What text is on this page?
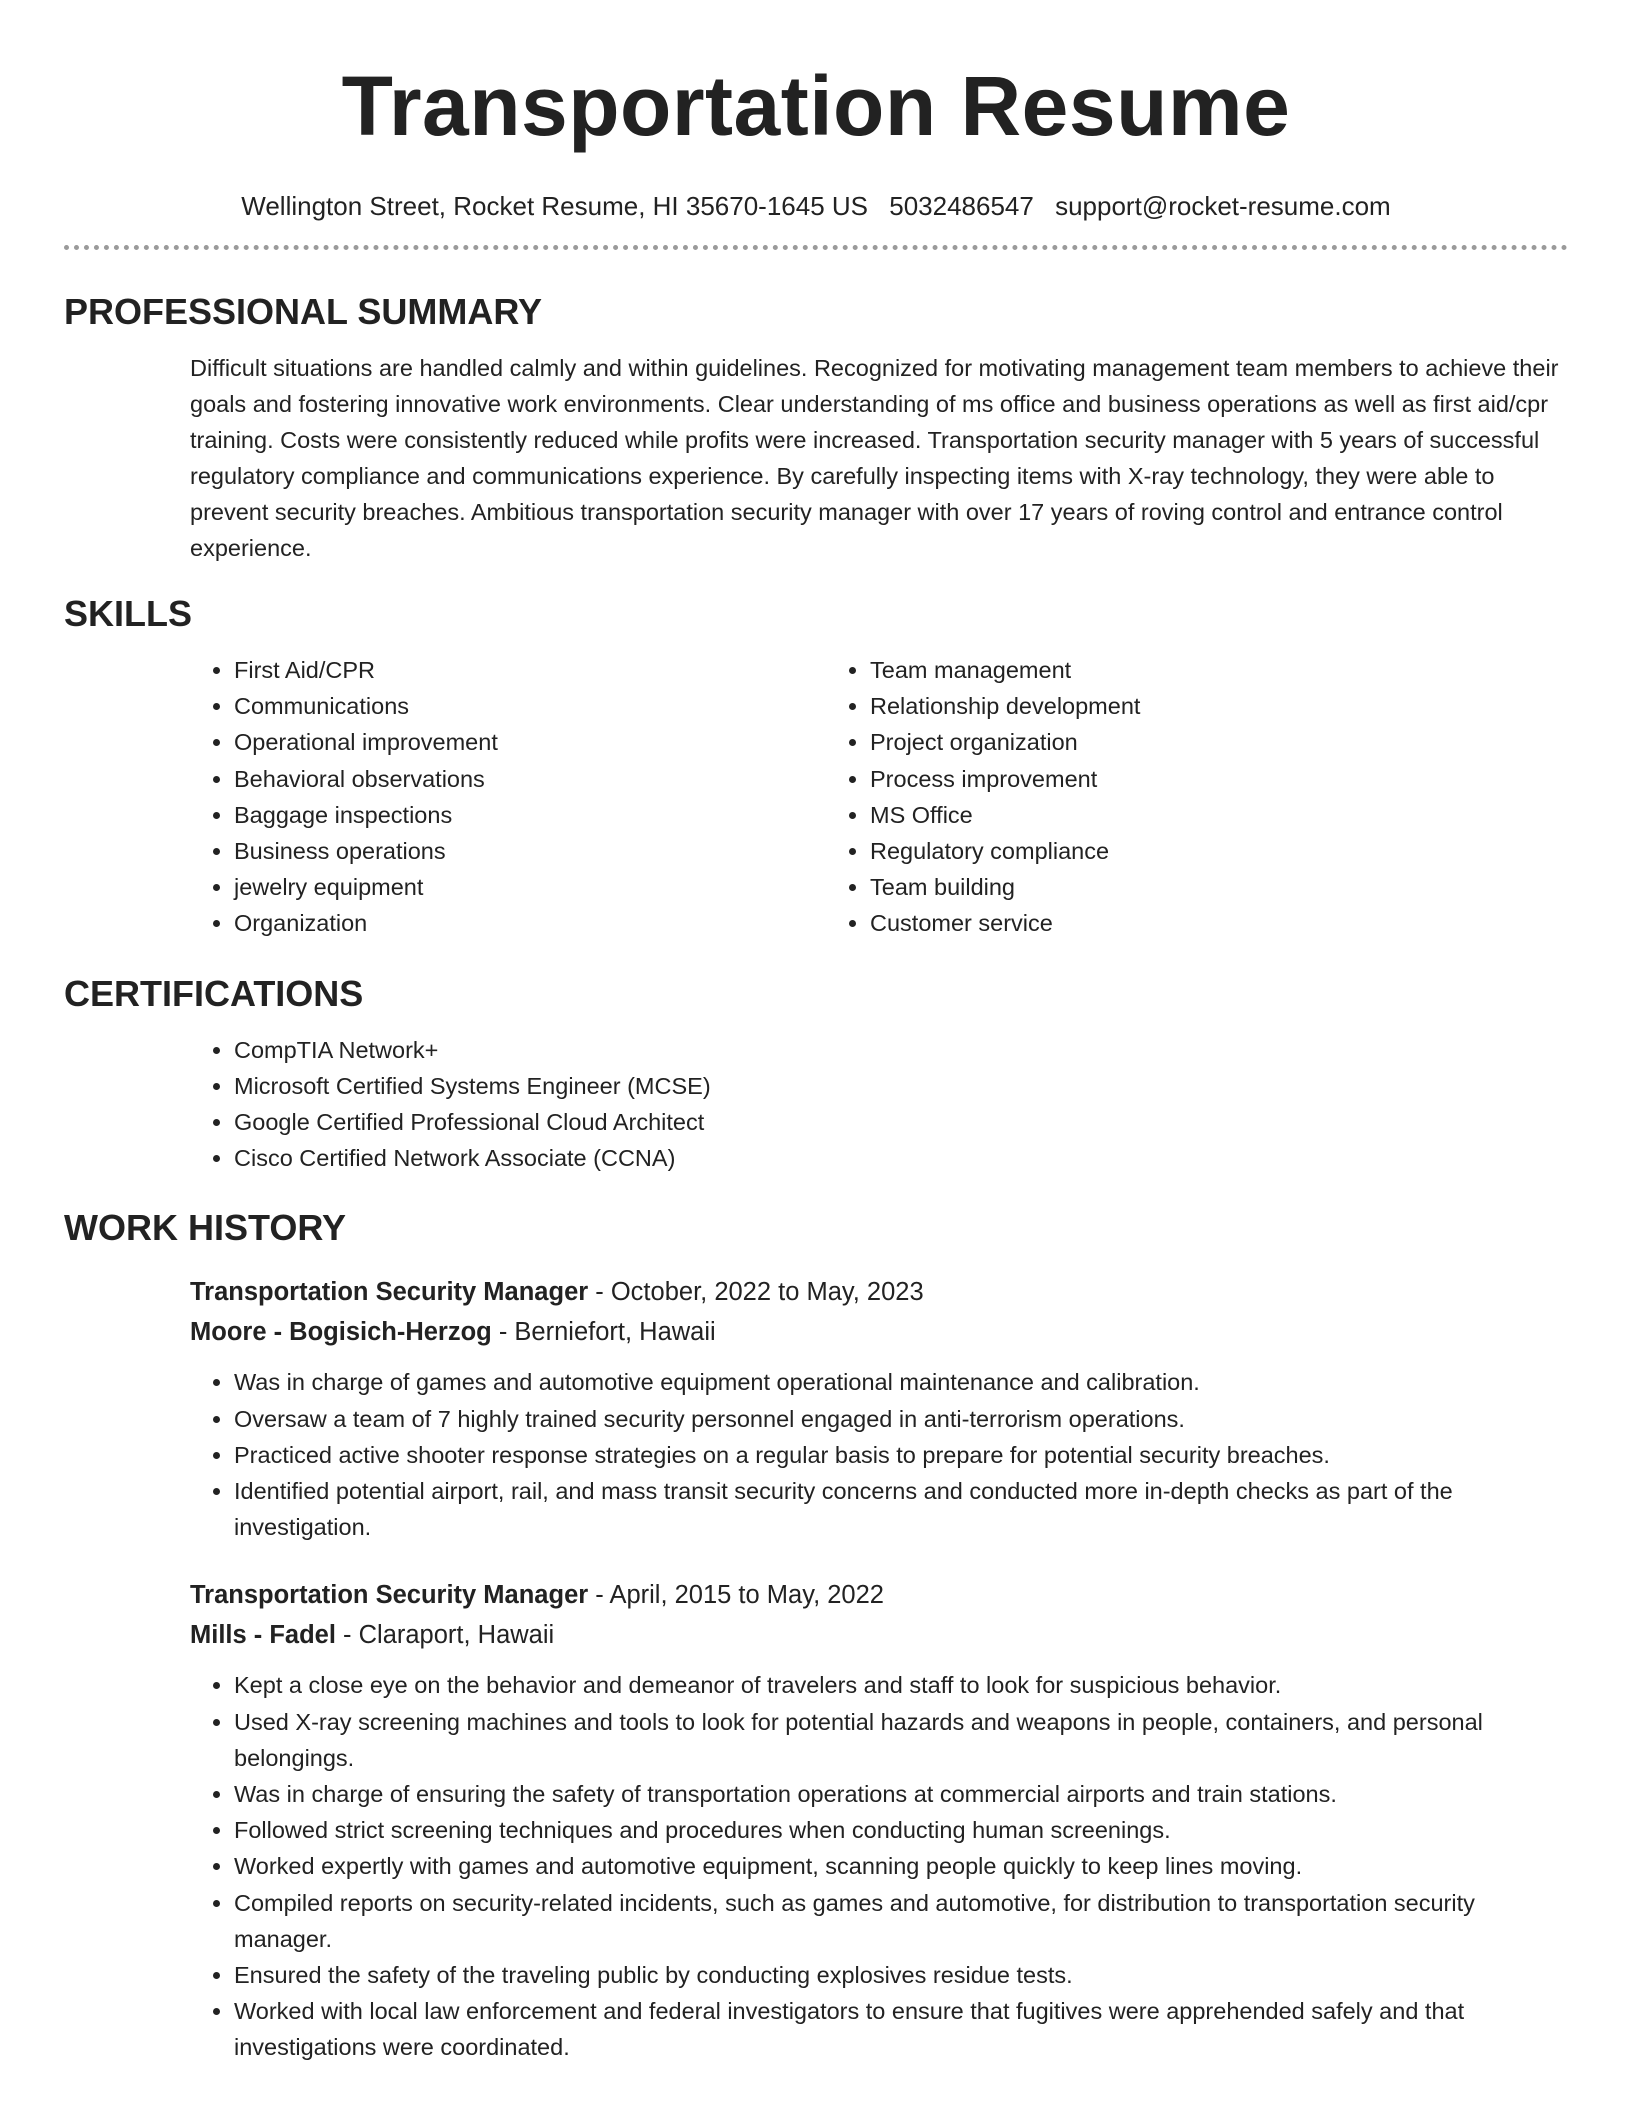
Transportation Resume
Wellington Street, Rocket Resume, HI 35670-1645 US 5032486547 support@rocket-resume.com
PROFESSIONAL SUMMARY

Difficult situations are handled calmly and within guidelines. Recognized for motivating management team members to achieve their goals and fostering innovative work environments. Clear understanding of ms office and business operations as well as first aid/cpr training. Costs were consistently reduced while profits were increased. Transportation security manager with 5 years of successful regulatory compliance and communications experience. By carefully inspecting items with X-ray technology, they were able to prevent security breaches. Ambitious transportation security manager with over 17 years of roving control and entrance control experience.

SKILLS
• First Aid/CPR
• Communications
• Operational improvement
• Behavioral observations
• Baggage inspections
• Business operations
• jewelry equipment
• Organization
• Team management
• Relationship development
• Project organization
• Process improvement
• MS Office
• Regulatory compliance
• Team building
• Customer service
CERTIFICATIONS
• CompTIA Network+
• Microsoft Certified Systems Engineer (MCSE)
• Google Certified Professional Cloud Architect
• Cisco Certified Network Associate (CCNA)
WORK HISTORY
Transportation Security Manager - October, 2022 to May, 2023
Moore - Bogisich-Herzog - Berniefort, Hawaii
• Was in charge of games and automotive equipment operational maintenance and calibration.
• Oversaw a team of 7 highly trained security personnel engaged in anti-terrorism operations.
• Practiced active shooter response strategies on a regular basis to prepare for potential security breaches.
• Identified potential airport, rail, and mass transit security concerns and conducted more in-depth checks as part of the investigation.
Transportation Security Manager - April, 2015 to May, 2022
Mills - Fadel - Claraport, Hawaii
• Kept a close eye on the behavior and demeanor of travelers and staff to look for suspicious behavior.
• Used X-ray screening machines and tools to look for potential hazards and weapons in people, containers, and personal belongings.
• Was in charge of ensuring the safety of transportation operations at commercial airports and train stations.
• Followed strict screening techniques and procedures when conducting human screenings.
• Worked expertly with games and automotive equipment, scanning people quickly to keep lines moving.
• Compiled reports on security-related incidents, such as games and automotive, for distribution to transportation security manager.
• Ensured the safety of the traveling public by conducting explosives residue tests.
• Worked with local law enforcement and federal investigators to ensure that fugitives were apprehended safely and that investigations were coordinated.
